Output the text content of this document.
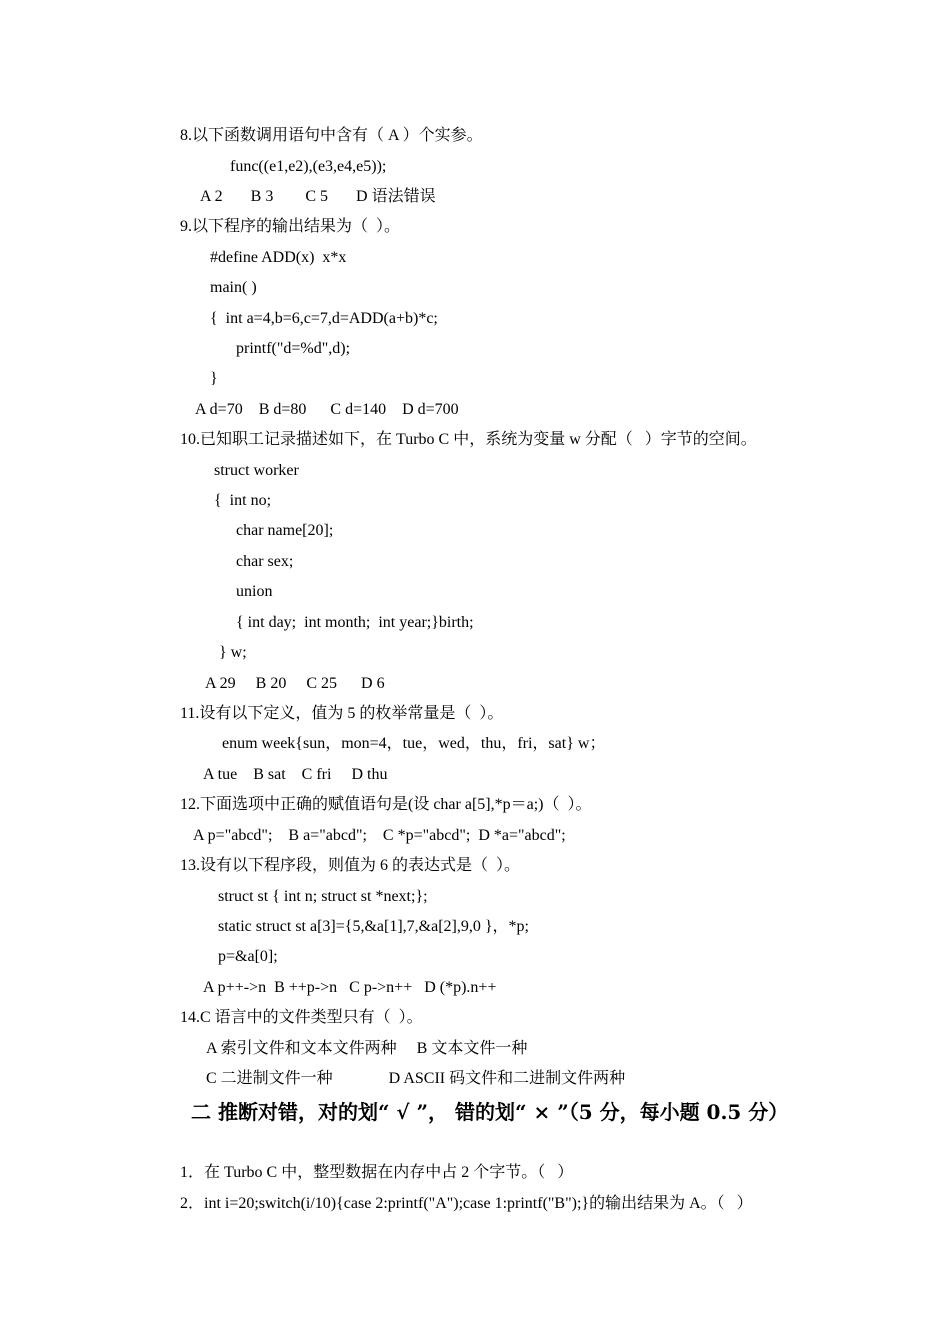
8.以下函数调用语句中含有（ A ）个实参。
func((e1,e2),(e3,e4,e5));
A 2       B 3        C 5       D 语法错误
9.以下程序的输出结果为（  ）。
#define ADD(x)  x*x
main( )
{  int a=4,b=6,c=7,d=ADD(a+b)*c;
printf("d=%d",d);
}
A d=70    B d=80      C d=140    D d=700
10.已知职工记录描述如下，在 Turbo C 中，系统为变量 w 分配（   ）字节的空间。
struct worker
{  int no;
char name[20];
char sex;
union
{ int day;  int month;  int year;}birth;
} w;
A 29     B 20     C 25      D 6
11.设有以下定义，值为 5 的枚举常量是（  ）。
enum week{sun，mon=4，tue，wed，thu，fri，sat} w；
A tue    B sat    C fri     D thu
12.下面选项中正确的赋值语句是(设 char a[5],*p＝a;)（  ）。
A p="abcd";    B a="abcd";    C *p="abcd";  D *a="abcd";
13.设有以下程序段，则值为 6 的表达式是（  ）。
struct st { int n; struct st *next;};
static struct st a[3]={5,&a[1],7,&a[2],9,0 }，*p;
p=&a[0];
A p++->n  B ++p->n   C p->n++   D (*p).n++
14.C 语言中的文件类型只有（  ）。
A 索引文件和文本文件两种     B 文本文件一种
C 二进制文件一种              D ASCII 码文件和二进制文件两种
二 推断对错，对的划“ √ ”， 错的划“ × ”（5 分，每小题 0.5 分）
1．在 Turbo C 中，整型数据在内存中占 2 个字节。（   ）
2．int i=20;switch(i/10){case 2:printf("A");case 1:printf("B");}的输出结果为 A。（   ）
